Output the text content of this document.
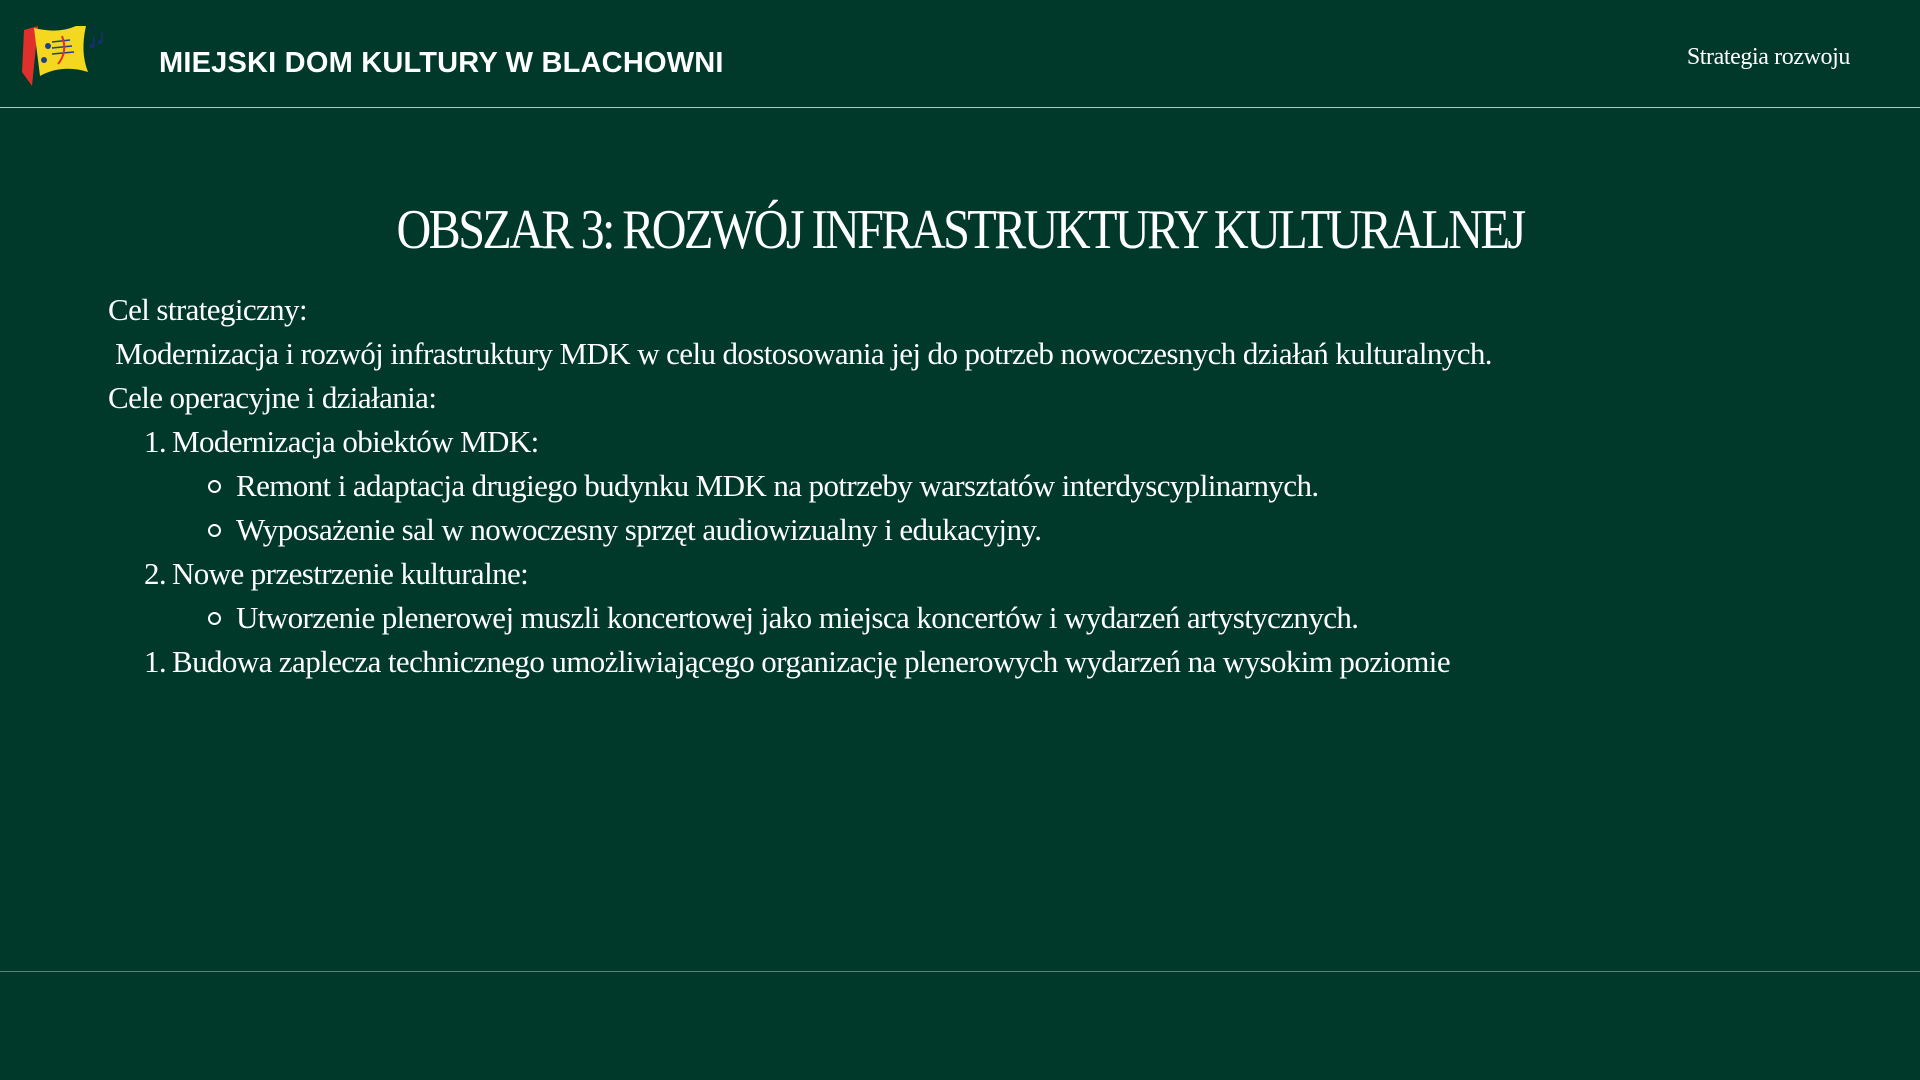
MIEJSKI DOM KULTURY W BLACHOWNI	Strategia rozwoju
OBSZAR 3: ROZWÓJ INFRASTRUKTURY KULTURALNEJ
Cel strategiczny:
Modernizacja i rozwój infrastruktury MDK w celu dostosowania jej do potrzeb nowoczesnych działań kulturalnych.
Cele operacyjne i działania:
1. Modernizacja obiektów MDK:
Remont i adaptacja drugiego budynku MDK na potrzeby warsztatów interdyscyplinarnych.
Wyposażenie sal w nowoczesny sprzęt audiowizualny i edukacyjny.
2. Nowe przestrzenie kulturalne:
Utworzenie plenerowej muszli koncertowej jako miejsca koncertów i wydarzeń artystycznych.
1. Budowa zaplecza technicznego umożliwiającego organizację plenerowych wydarzeń na wysokim poziomie
